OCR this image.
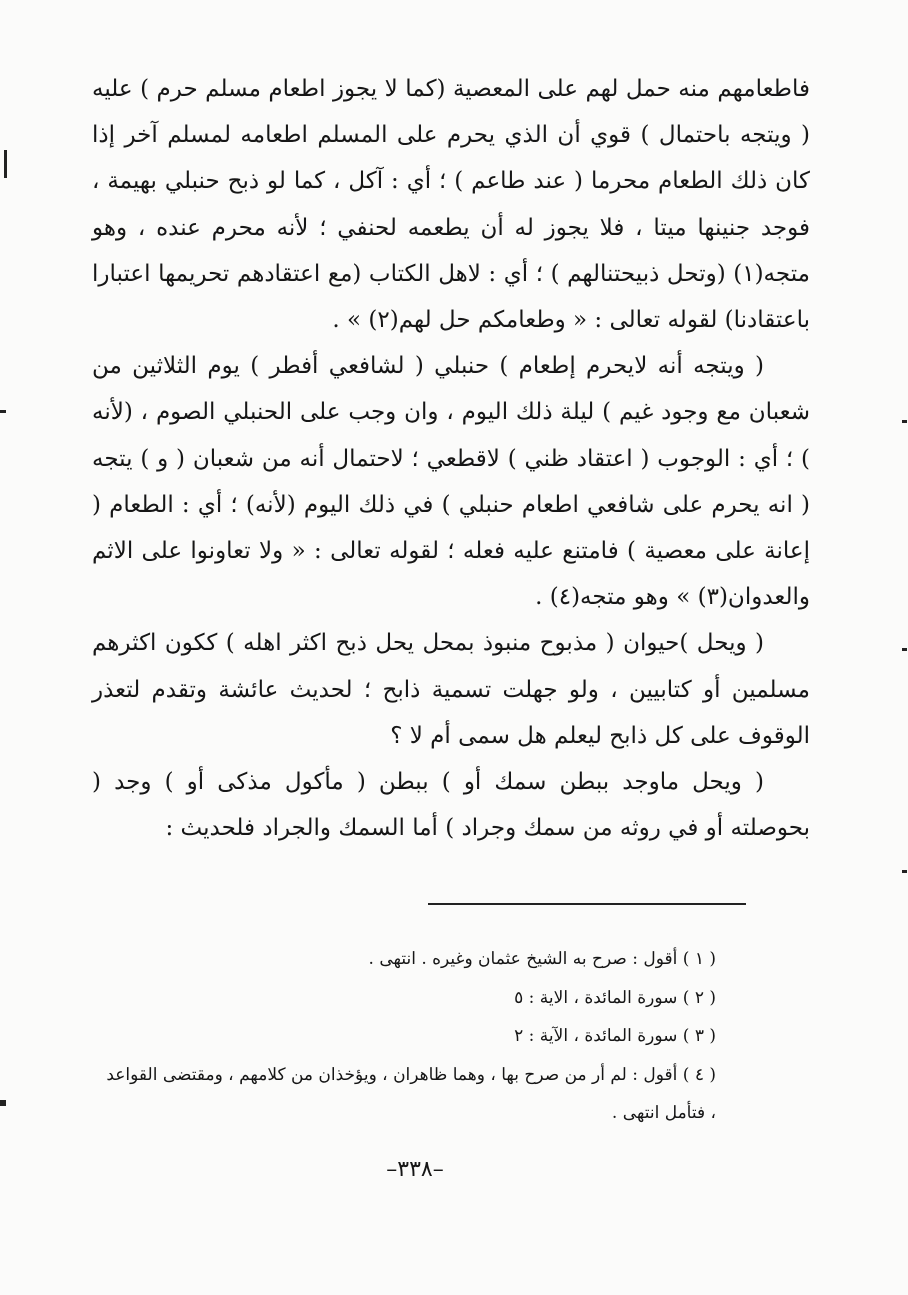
فاطعامهم منه حمل لهم على المعصية (كما لا يجوز اطعام مسلم حرم ) عليه ( ويتجه باحتمال ) قوي أن الذي يحرم على المسلم اطعامه لمسلم آخر إذا كان ذلك الطعام محرما ( عند طاعم ) ؛ أي : آكل ، كما لو ذبح حنبلي بهيمة ، فوجد جنينها ميتا ، فلا يجوز له أن يطعمه لحنفي ؛ لأنه محرم عنده ، وهو متجه(١) (وتحل ذبيحتنالهم ) ؛ أي : لاهل الكتاب (مع اعتقادهم تحريمها اعتبارا باعتقادنا) لقوله تعالى : « وطعامكم حل لهم(٢) » .

( ويتجه أنه لايحرم إطعام ) حنبلي ( لشافعي أفطر ) يوم الثلاثين من شعبان مع وجود غيم ) ليلة ذلك اليوم ، وان وجب على الحنبلي الصوم ، (لأنه ) ؛ أي : الوجوب ( اعتقاد ظني ) لاقطعي ؛ لاحتمال أنه من شعبان ( و ) يتجه ( انه يحرم على شافعي اطعام حنبلي ) في ذلك اليوم (لأنه) ؛ أي : الطعام ( إعانة على معصية ) فامتنع عليه فعله ؛ لقوله تعالى : « ولا تعاونوا على الاثم والعدوان(٣) » وهو متجه(٤) .

( ويحل )حيوان ( مذبوح منبوذ بمحل يحل ذبح اكثر اهله ) ككون اكثرهم مسلمين أو كتابيين ، ولو جهلت تسمية ذابح ؛ لحديث عائشة وتقدم لتعذر الوقوف على كل ذابح ليعلم هل سمى أم لا ؟

( ويحل ماوجد ببطن سمك أو ) ببطن ( مأكول مذكى أو ) وجد ( بحوصلته أو في روثه من سمك وجراد ) أما السمك والجراد فلحديث :

( ١ ) أقول : صرح به الشيخ عثمان وغيره . انتهى .

( ٢ ) سورة المائدة ، الاية : ٥

( ٣ ) سورة المائدة ، الآية : ٢

( ٤ ) أقول : لم أر من صرح بها ، وهما ظاهران ، ويؤخذان من كلامهم ، ومقتضى القواعد ، فتأمل انتهى .

–٣٣٨–
